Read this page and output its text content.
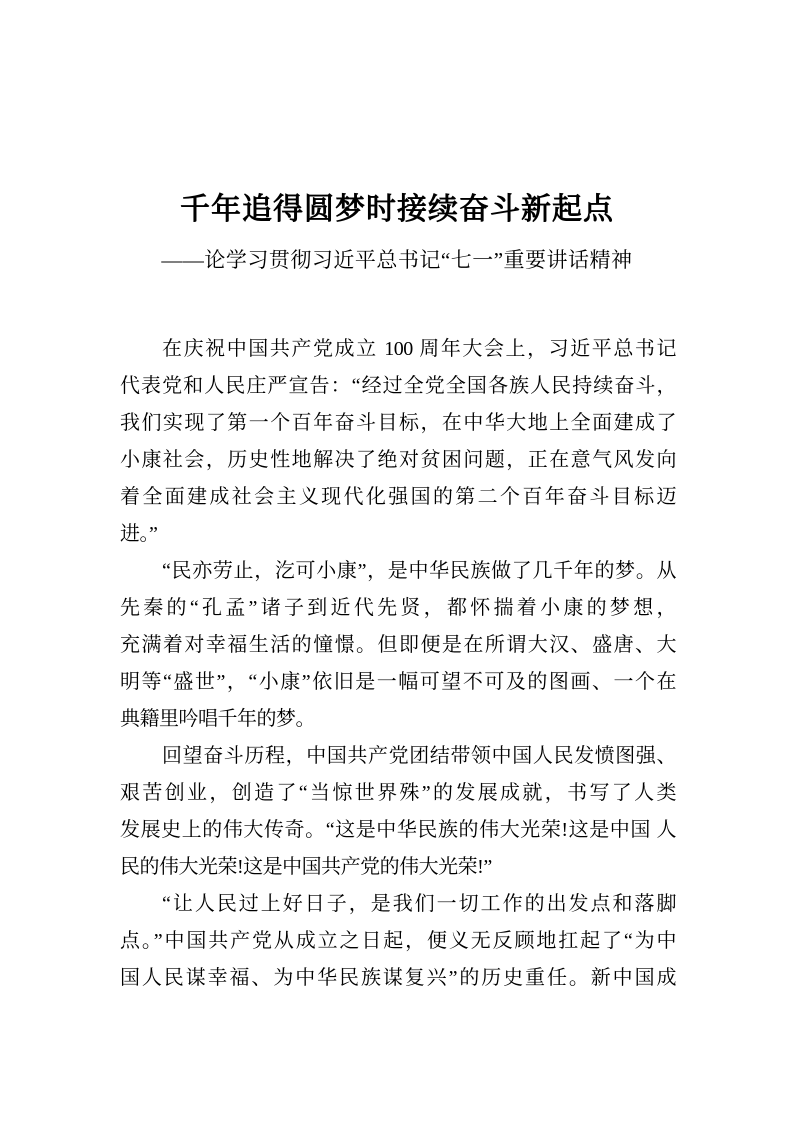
千年追得圆梦时接续奋斗新起点
——论学习贯彻习近平总书记“七一”重要讲话精神
在庆祝中国共产党成立 100 周年大会上，习近平总书记
代表党和人民庄严宣告：“经过全党全国各族人民持续奋斗，
我们实现了第一个百年奋斗目标，在中华大地上全面建成了
小康社会，历史性地解决了绝对贫困问题，正在意气风发向
着全面建成社会主义现代化强国的第二个百年奋斗目标迈
进。”
“民亦劳止，汔可小康”，是中华民族做了几千年的梦。从
先秦的“孔孟”诸子到近代先贤，都怀揣着小康的梦想，
充满着对幸福生活的憧憬。但即便是在所谓大汉、盛唐、大
明等“盛世”，“小康”依旧是一幅可望不可及的图画、一个在
典籍里吟唱千年的梦。
回望奋斗历程，中国共产党团结带领中国人民发愤图强、
艰苦创业，创造了“当惊世界殊”的发展成就，书写了人类
发展史上的伟大传奇。“这是中华民族的伟大光荣!这是中国 人
民的伟大光荣!这是中国共产党的伟大光荣!”
“让人民过上好日子，是我们一切工作的出发点和落脚
点。”中国共产党从成立之日起，便义无反顾地扛起了“为中
国人民谋幸福、为中华民族谋复兴”的历史重任。新中国成
